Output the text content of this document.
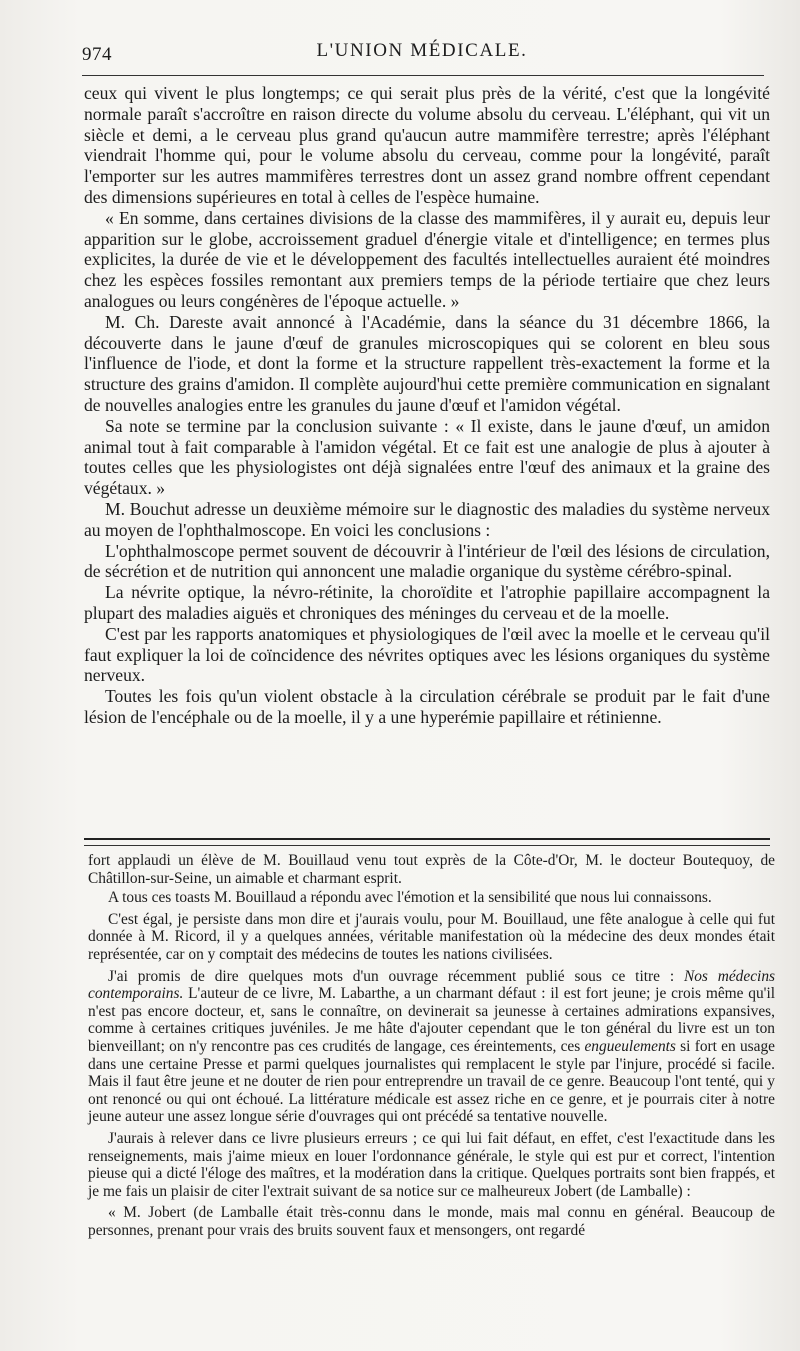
974	L'UNION MÉDICALE.

ceux qui vivent le plus longtemps; ce qui serait plus près de la vérité, c'est que la longévité normale paraît s'accroître en raison directe du volume absolu du cerveau. L'éléphant, qui vit un siècle et demi, a le cerveau plus grand qu'aucun autre mammifère terrestre; après l'éléphant viendrait l'homme qui, pour le volume absolu du cerveau, comme pour la longévité, paraît l'emporter sur les autres mammifères terrestres dont un assez grand nombre offrent cependant des dimensions supérieures en total à celles de l'espèce humaine.

« En somme, dans certaines divisions de la classe des mammifères, il y aurait eu, depuis leur apparition sur le globe, accroissement graduel d'énergie vitale et d'intelligence; en termes plus explicites, la durée de vie et le développement des facultés intellectuelles auraient été moindres chez les espèces fossiles remontant aux premiers temps de la période tertiaire que chez leurs analogues ou leurs congénères de l'époque actuelle. »

M. Ch. Dareste avait annoncé à l'Académie, dans la séance du 31 décembre 1866, la découverte dans le jaune d'œuf de granules microscopiques qui se colorent en bleu sous l'influence de l'iode, et dont la forme et la structure rappellent très-exactement la forme et la structure des grains d'amidon. Il complète aujourd'hui cette première communication en signalant de nouvelles analogies entre les granules du jaune d'œuf et l'amidon végétal.

Sa note se termine par la conclusion suivante : « Il existe, dans le jaune d'œuf, un amidon animal tout à fait comparable à l'amidon végétal. Et ce fait est une analogie de plus à ajouter à toutes celles que les physiologistes ont déjà signalées entre l'œuf des animaux et la graine des végétaux. »

M. Bouchut adresse un deuxième mémoire sur le diagnostic des maladies du système nerveux au moyen de l'ophthalmoscope. En voici les conclusions :

L'ophthalmoscope permet souvent de découvrir à l'intérieur de l'œil des lésions de circulation, de sécrétion et de nutrition qui annoncent une maladie organique du système cérébro-spinal.

La névrite optique, la névro-rétinite, la choroïdite et l'atrophie papillaire accompagnent la plupart des maladies aiguës et chroniques des méninges du cerveau et de la moelle.

C'est par les rapports anatomiques et physiologiques de l'œil avec la moelle et le cerveau qu'il faut expliquer la loi de coïncidence des névrites optiques avec les lésions organiques du système nerveux.

Toutes les fois qu'un violent obstacle à la circulation cérébrale se produit par le fait d'une lésion de l'encéphale ou de la moelle, il y a une hyperémie papillaire et rétinienne.

fort applaudi un élève de M. Bouillaud venu tout exprès de la Côte-d'Or, M. le docteur Boutequoy, de Châtillon-sur-Seine, un aimable et charmant esprit.

A tous ces toasts M. Bouillaud a répondu avec l'émotion et la sensibilité que nous lui connaissons.

C'est égal, je persiste dans mon dire et j'aurais voulu, pour M. Bouillaud, une fête analogue à celle qui fut donnée à M. Ricord, il y a quelques années, véritable manifestation où la médecine des deux mondes était représentée, car on y comptait des médecins de toutes les nations civilisées.

J'ai promis de dire quelques mots d'un ouvrage récemment publié sous ce titre : Nos médecins contemporains. L'auteur de ce livre, M. Labarthe, a un charmant défaut : il est fort jeune; je crois même qu'il n'est pas encore docteur, et, sans le connaître, on devinerait sa jeunesse à certaines admirations expansives, comme à certaines critiques juvéniles. Je me hâte d'ajouter cependant que le ton général du livre est un ton bienveillant; on n'y rencontre pas ces crudités de langage, ces éreintements, ces engueulements si fort en usage dans une certaine Presse et parmi quelques journalistes qui remplacent le style par l'injure, procédé si facile. Mais il faut être jeune et ne douter de rien pour entreprendre un travail de ce genre. Beaucoup l'ont tenté, qui y ont renoncé ou qui ont échoué. La littérature médicale est assez riche en ce genre, et je pourrais citer à notre jeune auteur une assez longue série d'ouvrages qui ont précédé sa tentative nouvelle.

J'aurais à relever dans ce livre plusieurs erreurs ; ce qui lui fait défaut, en effet, c'est l'exactitude dans les renseignements, mais j'aime mieux en louer l'ordonnance générale, le style qui est pur et correct, l'intention pieuse qui a dicté l'éloge des maîtres, et la modération dans la critique. Quelques portraits sont bien frappés, et je me fais un plaisir de citer l'extrait suivant de sa notice sur ce malheureux Jobert (de Lamballe) :

« M. Jobert (de Lamballe était très-connu dans le monde, mais mal connu en général. Beaucoup de personnes, prenant pour vrais des bruits souvent faux et mensongers, ont regardé
